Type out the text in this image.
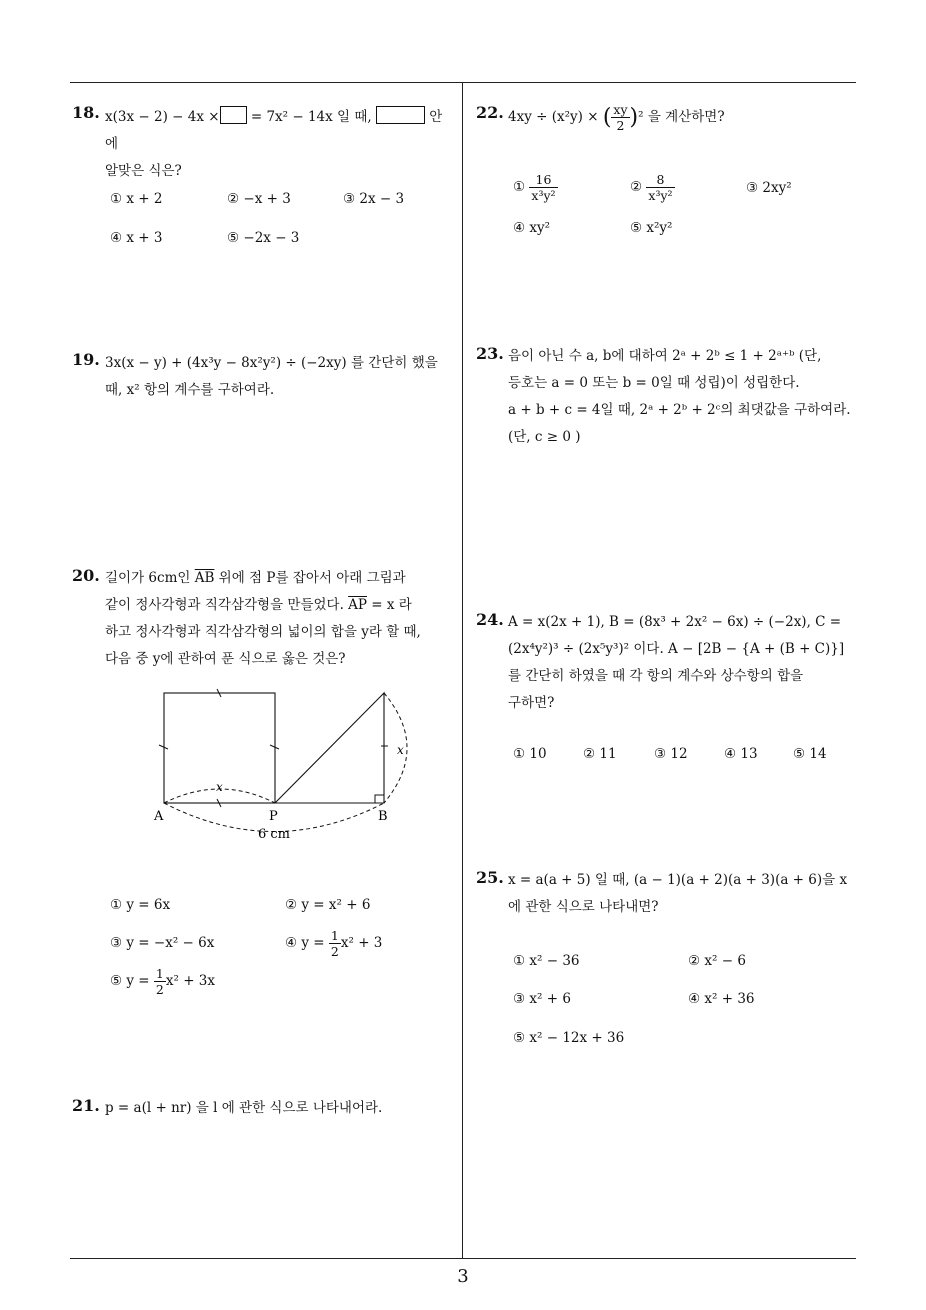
18. x(3x − 2) − 4x × = 7x² − 14x 일 때,	안에
알맞은 식은?
① x + 2	② −x + 3	③ 2x − 3
④ x + 3	⑤ −2x − 3
19. 3x(x − y) + (4x³y − 8x²y²) ÷ (−2xy) 를 간단히 했을
때, x² 항의 계수를 구하여라.
20. 길이가 6cm인 $\overline{AB}$ 위에 점 P를 잡아서 아래 그림과
같이 정사각형과 직각삼각형을 만들었다. $\overline{AP} = x$ 라
하고 정사각형과 직각삼각형의 넓이의 합을 y라 할 때,
다음 중 y에 관하여 푼 식으로 옳은 것은?
A	P	B
x
x
6 cm
① y = 6x	② y = x² + 6
③ y = −x² − 6x	④ $y = \frac{1}{2} x^2 + 3$
⑤ $y = \frac{1}{2} x^2 + 3x$
21. p = a(l + nr) 을 l 에 관한 식으로 나타내어라.
22. 4xy ÷ (x²y) × ( $\frac{xy}{2} )^2$ 을 계산하면?
① $\frac{16}{\text{x³y²}}$	② $\frac{8}{\text{x³y²}}$	③ 2xy²
④ xy²	⑤ x²y²
23. 음이 아닌 수 a, b에 대하여 2ᵃ + 2ᵇ ≤ 1 + 2ᵃ⁺ᵇ (단,
등호는 a = 0 또는 b = 0일 때 성립)이 성립한다.
a + b + c = 4일 때, 2ᵃ + 2ᵇ + 2ᶜ의 최댓값을 구하여라.
(단, c ≥ 0 )
24. A = x(2x + 1), B = (8x³ + 2x² − 6x) ÷ (−2x), C =
(2x⁴y²)³ ÷ (2x⁵y³)² 이다. A − [2B − {A + (B + C)}]
를 간단히 하였을 때 각 항의 계수와 상수항의 합을
구하면?
① 10	② 11	③ 12	④ 13	⑤ 14
25. x = a(a + 5) 일 때, (a − 1)(a + 2)(a + 3)(a + 6)을 x
에 관한 식으로 나타내면?
① x² − 36	② x² − 6
③ x² + 6	④ x² + 36
⑤ x² − 12x + 36
3
